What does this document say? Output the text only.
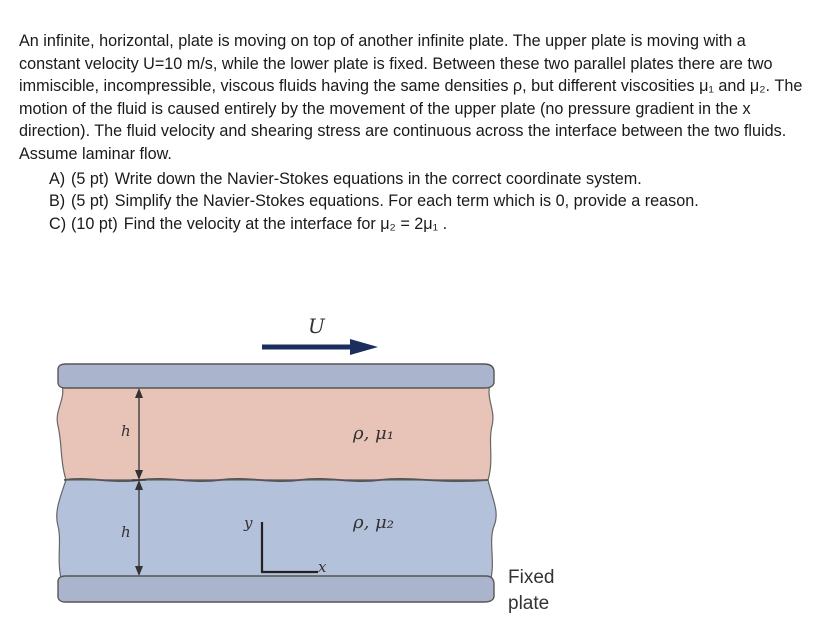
An infinite, horizontal, plate is moving on top of another infinite plate. The upper plate is moving with a constant velocity U=10 m/s, while the lower plate is fixed. Between these two parallel plates there are two immiscible, incompressible, viscous fluids having the same densities ρ, but different viscosities μ₁ and μ₂. The motion of the fluid is caused entirely by the movement of the upper plate (no pressure gradient in the x direction). The fluid velocity and shearing stress are continuous across the interface between the two fluids. Assume laminar flow.

A) (5 pt) Write down the Navier-Stokes equations in the correct coordinate system.
B) (5 pt) Simplify the Navier-Stokes equations. For each term which is 0, provide a reason.
C) (10 pt) Find the velocity at the interface for μ₂ = 2μ₁ .
U
ρ, μ₁
ρ, μ₂
h
h	y
x	Fixed
plate
